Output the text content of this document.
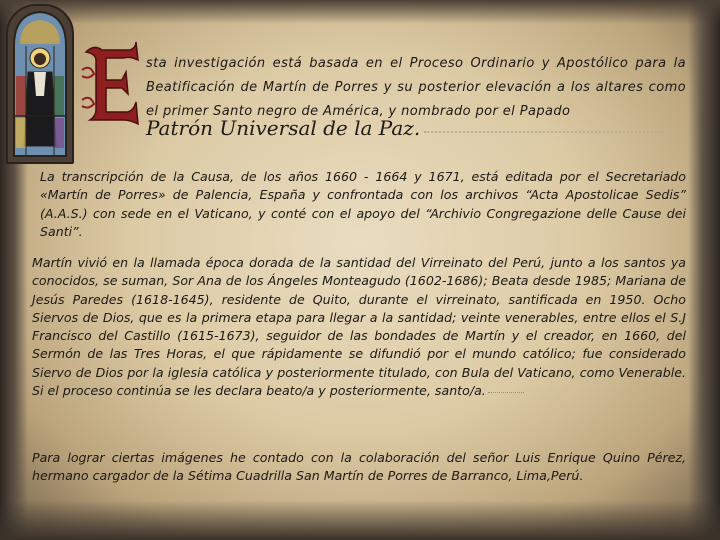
sta investigación está basada en el Proceso Ordinario y Apostólico para la Beatificación de Martín de Porres y su posterior elevación a los altares como el primer Santo negro de América, y nombrado por el Papado
Patrón Universal de la Paz.
La transcripción de la Causa, de los años 1660 - 1664 y 1671, está editada por el Secretariado «Martín de Porres» de Palencia, España y confrontada con los archivos “Acta Apostolicae Sedis” (A.A.S.) con sede en el Vaticano, y conté con el apoyo del “Archivio Congregazione delle Cause dei Santi”.
Martín vivió en la llamada época dorada de la santidad del Virreinato del Perú, junto a los santos ya conocidos, se suman, Sor Ana de los Ángeles Monteagudo (1602-1686); Beata desde 1985; Mariana de Jesús Paredes (1618-1645), residente de Quito, durante el virreinato, santificada en 1950. Ocho Siervos de Dios, que es la primera etapa para llegar a la santidad; veinte venerables, entre ellos el S.J Francisco del Castillo (1615-1673), seguidor de las bondades de Martín y el creador, en 1660, del Sermón de las Tres Horas, el que rápidamente se difundió por el mundo católico; fue considerado Siervo de Dios por la iglesia católica y posteriormente titulado, con Bula del Vaticano, como Venerable. Si el proceso continúa se les declara beato/a y posteriormente, santo/a.
Para lograr ciertas imágenes he contado con la colaboración del señor Luis Enrique Quino Pérez, hermano cargador de la Sétima Cuadrilla San Martín de Porres de Barranco, Lima,Perú.
